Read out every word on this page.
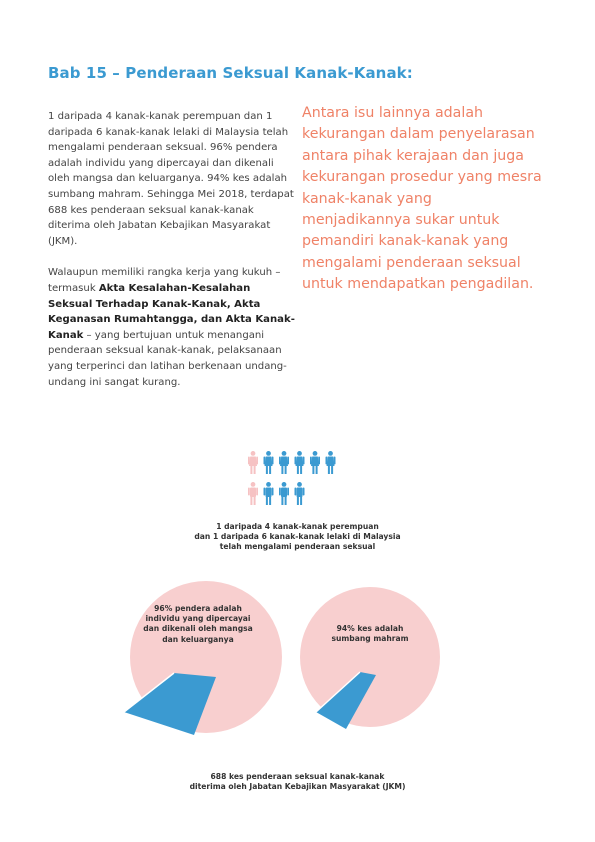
Bab 15 – Penderaan Seksual Kanak-Kanak:

1 daripada 4 kanak-kanak perempuan dan 1 daripada 6 kanak-kanak lelaki di Malaysia telah mengalami penderaan seksual. 96% pendera adalah individu yang dipercayai dan dikenali oleh mangsa dan keluarganya. 94% kes adalah sumbang mahram. Sehingga Mei 2018, terdapat 688 kes penderaan seksual kanak-kanak diterima oleh Jabatan Kebajikan Masyarakat (JKM).

Walaupun memiliki rangka kerja yang kukuh – termasuk Akta Kesalahan-Kesalahan Seksual Terhadap Kanak-Kanak, Akta Keganasan Rumahtangga, dan Akta Kanak-Kanak – yang bertujuan untuk menangani penderaan seksual kanak-kanak, pelaksanaan yang terperinci dan latihan berkenaan undang-undang ini sangat kurang.

Antara isu lainnya adalah kekurangan dalam penyelarasan antara pihak kerajaan dan juga kekurangan prosedur yang mesra kanak-kanak yang menjadikannya sukar untuk pemandiri kanak-kanak yang mengalami penderaan seksual untuk mendapatkan pengadilan.
1 daripada 4 kanak-kanak perempuan
dan 1 daripada 6 kanak-kanak lelaki di Malaysia
telah mengalami penderaan seksual
96% pendera adalah
individu yang dipercayai
dan dikenali oleh mangsa
dan keluarganya
94% kes adalah
sumbang mahram
688 kes penderaan seksual kanak-kanak
diterima oleh Jabatan Kebajikan Masyarakat (JKM)
